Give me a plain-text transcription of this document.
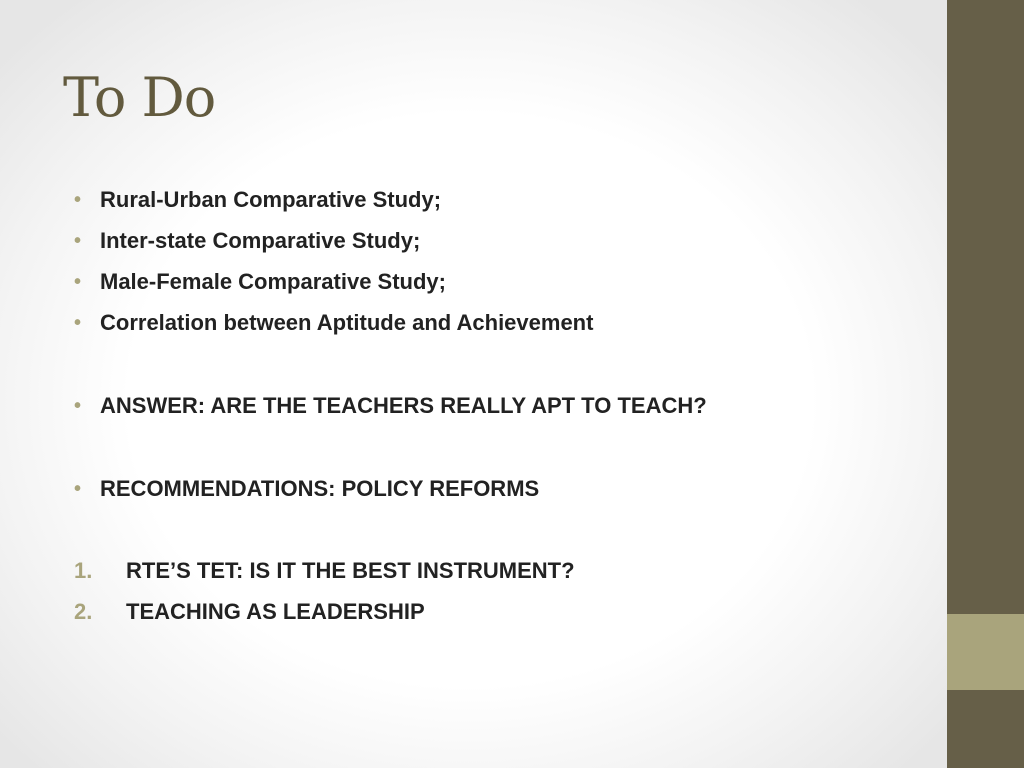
To Do
• Rural-Urban Comparative Study;
• Inter-state Comparative Study;
• Male-Female Comparative Study;
• Correlation between Aptitude and Achievement
• ANSWER: ARE THE TEACHERS REALLY APT TO TEACH?
• RECOMMENDATIONS: POLICY REFORMS
1.	RTE’S TET: IS IT THE BEST INSTRUMENT?
2.	TEACHING AS LEADERSHIP
